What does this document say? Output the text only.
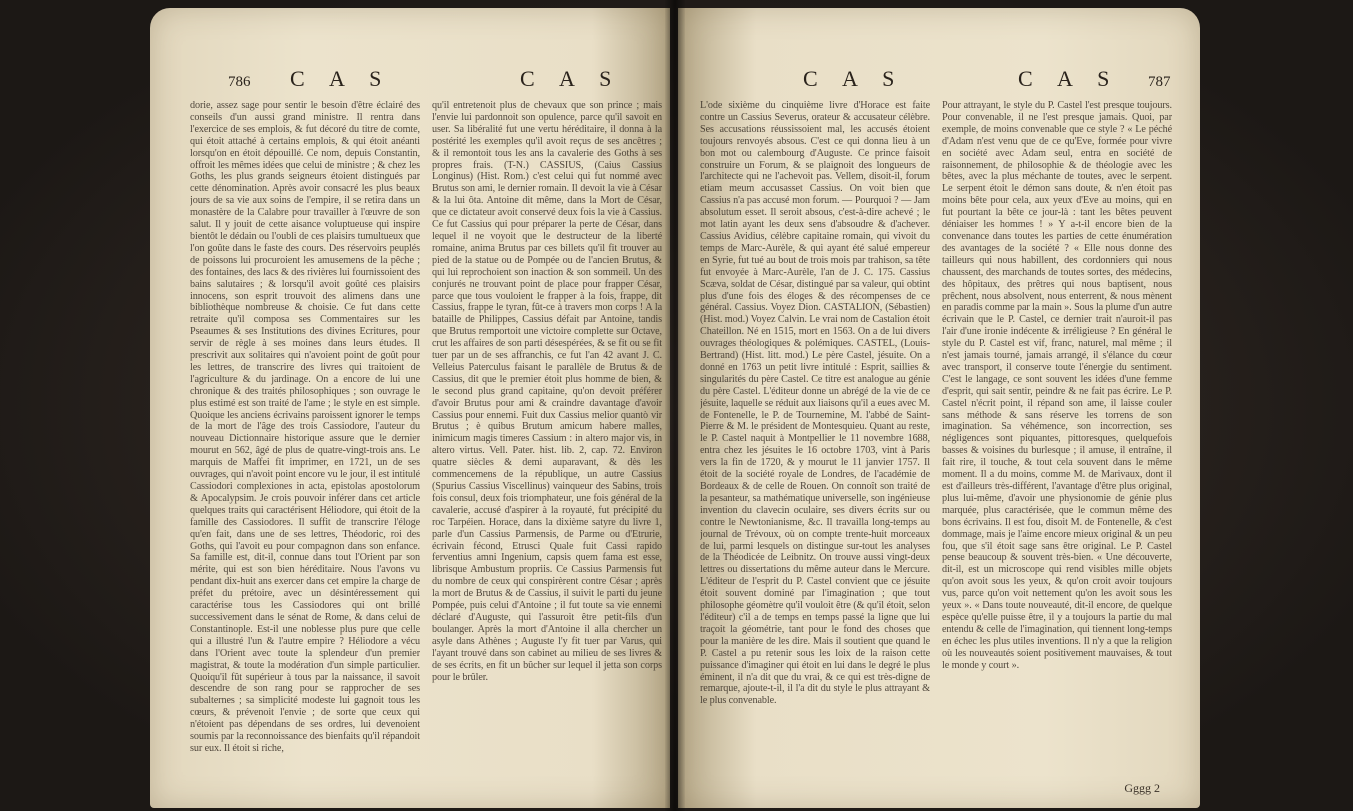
786 C A S	C A S

dorie, assez sage pour sentir le besoin d'être éclairé des conseils d'un aussi grand ministre. Il rentra dans l'exercice de ses emplois, & fut décoré du titre de comte, qui étoit attaché à certains emplois, & qui étoit anéanti lorsqu'on en étoit dépouillé. Ce nom, depuis Constantin, offroit les mêmes idées que celui de ministre ; & chez les Goths, les plus grands seigneurs étoient distingués par cette dénomination. Après avoir consacré les plus beaux jours de sa vie aux soins de l'empire, il se retira dans un monastère de la Calabre pour travailler à l'œuvre de son salut. Il y jouit de cette aisance voluptueuse qui inspire bientôt le dédain ou l'oubli de ces plaisirs tumultueux que l'on goûte dans le faste des cours. Des réservoirs peuplés de poissons lui procuroient les amusemens de la pêche ; des fontaines, des lacs & des rivières lui fournissoient des bains salutaires ; & lorsqu'il avoit goûté ces plaisirs innocens, son esprit trouvoit des alimens dans une bibliothèque nombreuse & choisie. Ce fut dans cette retraite qu'il composa ses Commentaires sur les Pseaumes & ses Institutions des divines Ecritures, pour servir de règle à ses moines dans leurs études. Il prescrivit aux solitaires qui n'avoient point de goût pour les lettres, de transcrire des livres qui traitoient de l'agriculture & du jardinage. On a encore de lui une chronique & des traités philosophiques ; son ouvrage le plus estimé est son traité de l'ame ; le style en est simple. Quoique les anciens écrivains paroissent ignorer le temps de la mort de l'âge des trois Cassiodore, l'auteur du nouveau Dictionnaire historique assure que le dernier mourut en 562, âgé de plus de quatre-vingt-trois ans. Le marquis de Maffei fit imprimer, en 1721, un de ses ouvrages, qui n'avoit point encore vu le jour, il est intitulé Cassiodori complexiones in acta, epistolas apostolorum & Apocalypsim. Je crois pouvoir inférer dans cet article quelques traits qui caractérisent Héliodore, qui étoit de la famille des Cassiodores. Il suffit de transcrire l'éloge qu'en fait, dans une de ses lettres, Théodoric, roi des Goths, qui l'avoit eu pour compagnon dans son enfance. Sa famille est, dit-il, connue dans tout l'Orient par son mérite, qui est son bien héréditaire. Nous l'avons vu pendant dix-huit ans exercer dans cet empire la charge de préfet du prétoire, avec un désintéressement qui caractérise tous les Cassiodores qui ont brillé successivement dans le sénat de Rome, & dans celui de Constantinople. Est-il une noblesse plus pure que celle qui a illustré l'un & l'autre empire ? Héliodore a vécu dans l'Orient avec toute la splendeur d'un premier magistrat, & toute la modération d'un simple particulier. Quoiqu'il fût supérieur à tous par la naissance, il savoit descendre de son rang pour se rapprocher de ses subalternes ; sa simplicité modeste lui gagnoit tous les cœurs, & prévenoit l'envie ; de sorte que ceux qui n'étoient pas dépendans de ses ordres, lui devenoient soumis par la reconnoissance des bienfaits qu'il répandoit sur eux. Il étoit si riche,

qu'il entretenoit plus de chevaux que son prince ; mais l'envie lui pardonnoit son opulence, parce qu'il savoit en user. Sa libéralité fut une vertu héréditaire, il donna à la postérité les exemples qu'il avoit reçus de ses ancêtres ; & il remontoit tous les ans la cavalerie des Goths à ses propres frais. (T-N.) CASSIUS, (Caius Cassius Longinus) (Hist. Rom.) c'est celui qui fut nommé avec Brutus son ami, le dernier romain. Il devoit la vie à César & la lui ôta. Antoine dit même, dans la Mort de César, que ce dictateur avoit conservé deux fois la vie à Cassius. Ce fut Cassius qui pour préparer la perte de César, dans lequel il ne voyoit que le destructeur de la liberté romaine, anima Brutus par ces billets qu'il fit trouver au pied de la statue ou de Pompée ou de l'ancien Brutus, & qui lui reprochoient son inaction & son sommeil. Un des conjurés ne trouvant point de place pour frapper César, parce que tous vouloient le frapper à la fois, frappe, dit Cassius, frappe le tyran, fût-ce à travers mon corps ! A la bataille de Philippes, Cassius défait par Antoine, tandis que Brutus remportoit une victoire complette sur Octave, crut les affaires de son parti désespérées, & se fit ou se fit tuer par un de ses affranchis, ce fut l'an 42 avant J. C. Velleius Paterculus faisant le parallèle de Brutus & de Cassius, dit que le premier étoit plus homme de bien, & le second plus grand capitaine, qu'on devoit préférer d'avoir Brutus pour ami & craindre davantage d'avoir Cassius pour ennemi. Fuit dux Cassius melior quantò vir Brutus ; è quibus Brutum amicum habere malles, inimicum magis timeres Cassium : in altero major vis, in altero virtus. Vell. Pater. hist. lib. 2, cap. 72. Environ quatre siècles & demi auparavant, & dès les commencemens de la république, un autre Cassius (Spurius Cassius Viscellinus) vainqueur des Sabins, trois fois consul, deux fois triomphateur, une fois général de la cavalerie, accusé d'aspirer à la royauté, fut précipité du roc Tarpéien. Horace, dans la dixième satyre du livre 1, parle d'un Cassius Parmensis, de Parme ou d'Etrurie, écrivain fécond, Etrusci Quale fuit Cassi rapido ferventius amni Ingenium, capsis quem fama est esse, librisque Ambustum propriis. Ce Cassius Parmensis fut du nombre de ceux qui conspirèrent contre César ; après la mort de Brutus & de Cassius, il suivit le parti du jeune Pompée, puis celui d'Antoine ; il fut toute sa vie ennemi déclaré d'Auguste, qui l'assuroit être petit-fils d'un boulanger. Après la mort d'Antoine il alla chercher un asyle dans Athènes ; Auguste l'y fit tuer par Varus, qui l'ayant trouvé dans son cabinet au milieu de ses livres & de ses écrits, en fit un bûcher sur lequel il jetta son corps pour le brûler.

C A S	C A S 787

L'ode sixième du cinquième livre d'Horace est faite contre un Cassius Severus, orateur & accusateur célèbre. Ses accusations réussissoient mal, les accusés étoient toujours renvoyés absous. C'est ce qui donna lieu à un bon mot ou calembourg d'Auguste. Ce prince faisoit construire un Forum, & se plaignoit des longueurs de l'architecte qui ne l'achevoit pas. Vellem, disoit-il, forum etiam meum accusasset Cassius. On voit bien que Cassius n'a pas accusé mon forum. — Pourquoi ? — Jam absolutum esset. Il seroit absous, c'est-à-dire achevé ; le mot latin ayant les deux sens d'absoudre & d'achever. Cassius Avidius, célèbre capitaine romain, qui vivoit du temps de Marc-Aurèle, & qui ayant été salué empereur en Syrie, fut tué au bout de trois mois par trahison, sa tête fut envoyée à Marc-Aurèle, l'an de J. C. 175. Cassius Scæva, soldat de César, distingué par sa valeur, qui obtint plus d'une fois des éloges & des récompenses de ce général. Cassius. Voyez Dion. CASTALION, (Sébastien) (Hist. mod.) Voyez Calvin. Le vrai nom de Castalion étoit Chateillon. Né en 1515, mort en 1563. On a de lui divers ouvrages théologiques & polémiques. CASTEL, (Louis-Bertrand) (Hist. litt. mod.) Le père Castel, jésuite. On a donné en 1763 un petit livre intitulé : Esprit, saillies & singularités du père Castel. Ce titre est analogue au génie du père Castel. L'éditeur donne un abrégé de la vie de ce jésuite, laquelle se réduit aux liaisons qu'il a eues avec M. de Fontenelle, le P. de Tournemine, M. l'abbé de Saint-Pierre & M. le président de Montesquieu. Quant au reste, le P. Castel naquit à Montpellier le 11 novembre 1688, entra chez les jésuites le 16 octobre 1703, vint à Paris vers la fin de 1720, & y mourut le 11 janvier 1757. Il étoit de la société royale de Londres, de l'académie de Bordeaux & de celle de Rouen. On connoît son traité de la pesanteur, sa mathématique universelle, son ingénieuse invention du clavecin oculaire, ses divers écrits sur ou contre le Newtonianisme, &c. Il travailla long-temps au journal de Trévoux, où on compte trente-huit morceaux de lui, parmi lesquels on distingue sur-tout les analyses de la Théodicée de Leibnitz. On trouve aussi vingt-deux lettres ou dissertations du même auteur dans le Mercure. L'éditeur de l'esprit du P. Castel convient que ce jésuite étoit souvent dominé par l'imagination ; que tout philosophe géomètre qu'il vouloit être (& qu'il étoit, selon l'éditeur) c'il a de temps en temps passé la ligne que lui traçoit la géométrie, tant pour le fond des choses que pour la manière de les dire. Mais il soutient que quand le P. Castel a pu retenir sous les loix de la raison cette puissance d'imaginer qui étoit en lui dans le degré le plus éminent, il n'a dit que du vrai, & ce qui est très-digne de remarque, ajoute-t-il, il l'a dit du style le plus attrayant & le plus convenable.

Pour attrayant, le style du P. Castel l'est presque toujours. Pour convenable, il ne l'est presque jamais. Quoi, par exemple, de moins convenable que ce style ? « Le péché d'Adam n'est venu que de ce qu'Eve, formée pour vivre en société avec Adam seul, entra en société de raisonnement, de philosophie & de théologie avec les bêtes, avec la plus méchante de toutes, avec le serpent. Le serpent étoit le démon sans doute, & n'en étoit pas moins bête pour cela, aux yeux d'Eve au moins, qui en fut pourtant la bête ce jour-là : tant les bêtes peuvent déniaiser les hommes ! » Y a-t-il encore bien de la convenance dans toutes les parties de cette énumération des avantages de la société ? « Elle nous donne des tailleurs qui nous habillent, des cordonniers qui nous chaussent, des marchands de toutes sortes, des médecins, des hôpitaux, des prêtres qui nous baptisent, nous prêchent, nous absolvent, nous enterrent, & nous mènent en paradis comme par la main ». Sous la plume d'un autre écrivain que le P. Castel, ce dernier trait n'auroit-il pas l'air d'une ironie indécente & irréligieuse ? En général le style du P. Castel est vif, franc, naturel, mal même ; il n'est jamais tourné, jamais arrangé, il s'élance du cœur avec transport, il conserve toute l'énergie du sentiment. C'est le langage, ce sont souvent les idées d'une femme d'esprit, qui sait sentir, peindre & ne fait pas écrire. Le P. Castel n'écrit point, il répand son ame, il laisse couler sans méthode & sans réserve les torrens de son imagination. Sa véhémence, son incorrection, ses négligences sont piquantes, pittoresques, quelquefois basses & voisines du burlesque ; il amuse, il entraîne, il fait rire, il touche, & tout cela souvent dans le même moment. Il a du moins, comme M. de Marivaux, dont il est d'ailleurs très-différent, l'avantage d'être plus original, plus lui-même, d'avoir une physionomie de génie plus marquée, plus caractérisée, que le commun même des bons écrivains. Il est fou, disoit M. de Fontenelle, & c'est dommage, mais je l'aime encore mieux original & un peu fou, que s'il étoit sage sans être original. Le P. Castel pense beaucoup & souvent très-bien. « Une découverte, dit-il, est un microscope qui rend visibles mille objets qu'on avoit sous les yeux, & qu'on croit avoir toujours vus, parce qu'on voit nettement qu'on les avoit sous les yeux ». « Dans toute nouveauté, dit-il encore, de quelque espèce qu'elle puisse être, il y a toujours la partie du mal entendu & celle de l'imagination, qui tiennent long-temps en échec les plus utiles inventions. Il n'y a que la religion où les nouveautés soient positivement mauvaises, & tout le monde y court ».

Gggg 2
